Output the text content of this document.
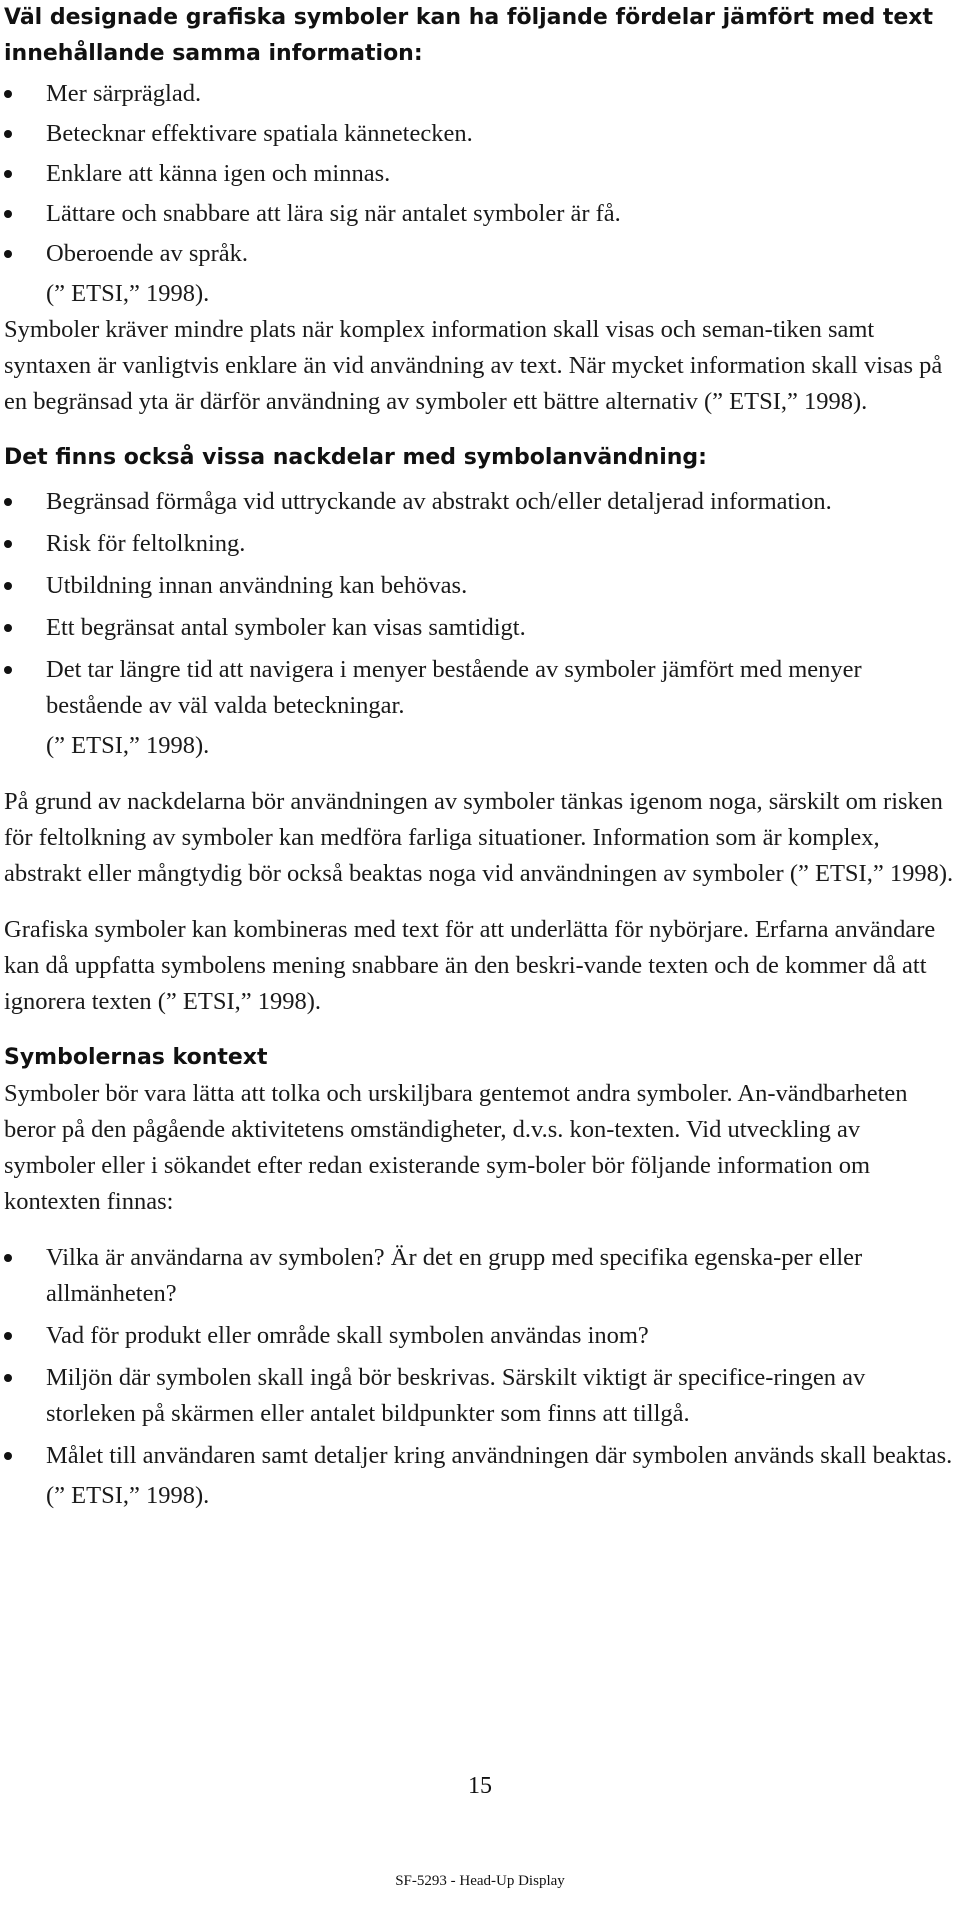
Väl designade grafiska symboler kan ha följande fördelar jämfört med text innehållande samma information:
Mer särpräglad.
Betecknar effektivare spatiala kännetecken.
Enklare att känna igen och minnas.
Lättare och snabbare att lära sig när antalet symboler är få.
Oberoende av språk.

(” ETSI,” 1998).

Symboler kräver mindre plats när komplex information skall visas och seman-tiken samt syntaxen är vanligtvis enklare än vid användning av text. När mycket information skall visas på en begränsad yta är därför användning av symboler ett bättre alternativ (” ETSI,” 1998).

Det finns också vissa nackdelar med symbolanvändning:
Begränsad förmåga vid uttryckande av abstrakt och/eller detaljerad information.
Risk för feltolkning.
Utbildning innan användning kan behövas.
Ett begränsat antal symboler kan visas samtidigt.
Det tar längre tid att navigera i menyer bestående av symboler jämfört med menyer bestående av väl valda beteckningar.

(” ETSI,” 1998).

På grund av nackdelarna bör användningen av symboler tänkas igenom noga, särskilt om risken för feltolkning av symboler kan medföra farliga situationer. Information som är komplex, abstrakt eller mångtydig bör också beaktas noga vid användningen av symboler (” ETSI,” 1998).

Grafiska symboler kan kombineras med text för att underlätta för nybörjare. Erfarna användare kan då uppfatta symbolens mening snabbare än den beskri-vande texten och de kommer då att ignorera texten (” ETSI,” 1998).

Symbolernas kontext

Symboler bör vara lätta att tolka och urskiljbara gentemot andra symboler. An-vändbarheten beror på den pågående aktivitetens omständigheter, d.v.s. kon-texten. Vid utveckling av symboler eller i sökandet efter redan existerande sym-boler bör följande information om kontexten finnas:

Vilka är användarna av symbolen? Är det en grupp med specifika egenska-per eller allmänheten?
Vad för produkt eller område skall symbolen användas inom?
Miljön där symbolen skall ingå bör beskrivas. Särskilt viktigt är specifice-ringen av storleken på skärmen eller antalet bildpunkter som finns att tillgå.
Målet till användaren samt detaljer kring användningen där symbolen används skall beaktas.

(” ETSI,” 1998).

15
SF-5293 - Head-Up Display
